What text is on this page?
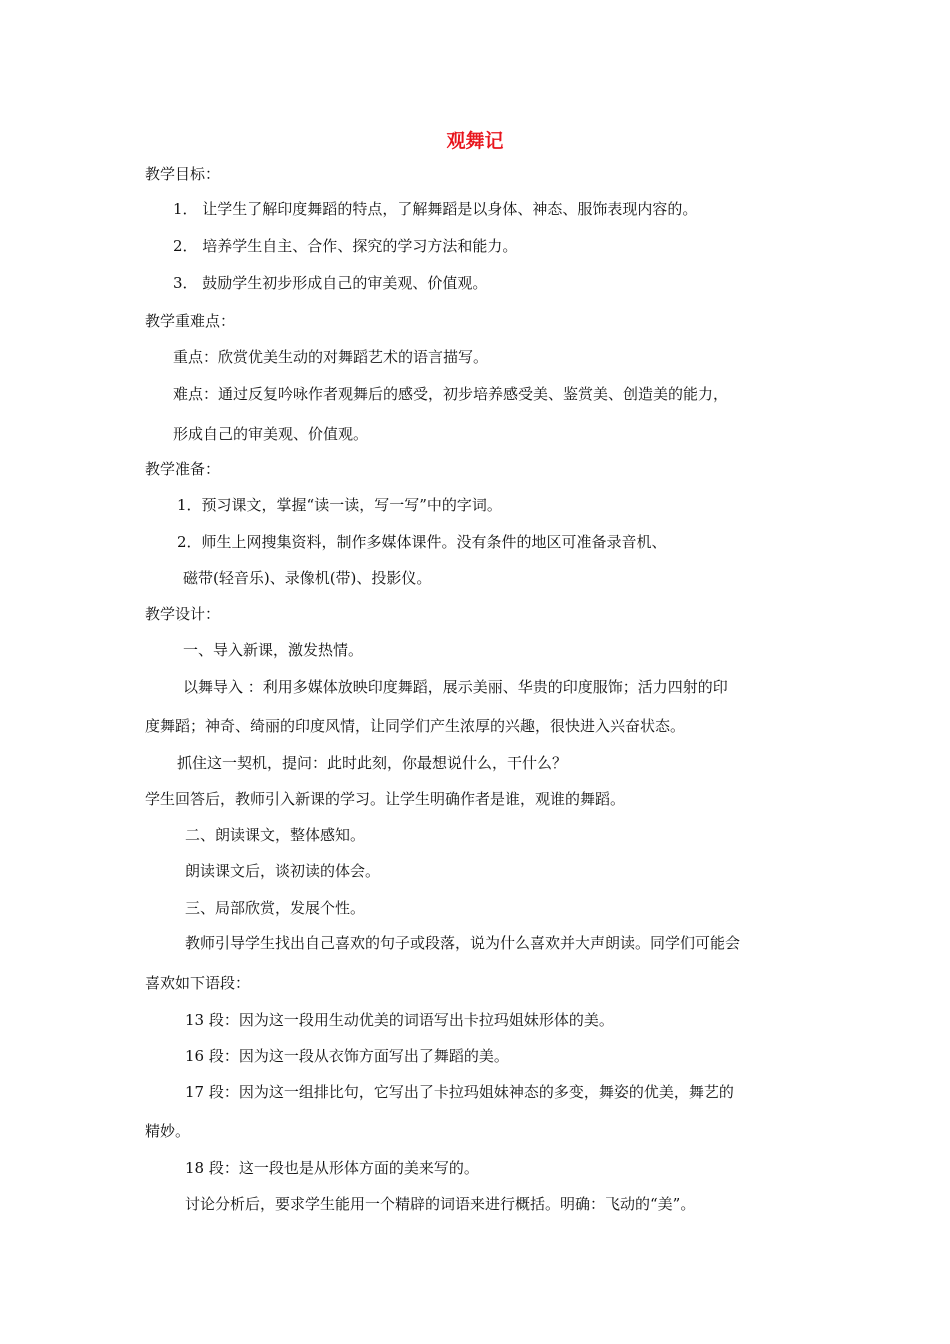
观舞记

教学目标：

1． 让学生了解印度舞蹈的特点，了解舞蹈是以身体、神态、服饰表现内容的。

2． 培养学生自主、合作、探究的学习方法和能力。

3． 鼓励学生初步形成自己的审美观、价值观。

教学重难点：

重点：欣赏优美生动的对舞蹈艺术的语言描写。

难点：通过反复吟咏作者观舞后的感受，初步培养感受美、鉴赏美、创造美的能力，

形成自己的审美观、价值观。

教学准备：

1．预习课文，掌握“读一读，写一写”中的字词。

2．师生上网搜集资料，制作多媒体课件。没有条件的地区可准备录音机、

磁带(轻音乐)、录像机(带)、投影仪。

教学设计：

一、导入新课，激发热情。

以舞导入 ：利用多媒体放映印度舞蹈，展示美丽、华贵的印度服饰；活力四射的印

度舞蹈；神奇、绮丽的印度风情，让同学们产生浓厚的兴趣，很快进入兴奋状态。

抓住这一契机，提问：此时此刻，你最想说什么，干什么？

学生回答后，教师引入新课的学习。让学生明确作者是谁，观谁的舞蹈。

二、朗读课文，整体感知。

朗读课文后，谈初读的体会。

三、局部欣赏，发展个性。

教师引导学生找出自己喜欢的句子或段落，说为什么喜欢并大声朗读。同学们可能会

喜欢如下语段：

13 段：因为这一段用生动优美的词语写出卡拉玛姐妹形体的美。

16 段：因为这一段从衣饰方面写出了舞蹈的美。

17 段：因为这一组排比句，它写出了卡拉玛姐妹神态的多变，舞姿的优美，舞艺的

精妙。

18 段：这一段也是从形体方面的美来写的。

讨论分析后，要求学生能用一个精辟的词语来进行概括。明确：飞动的“美”。
